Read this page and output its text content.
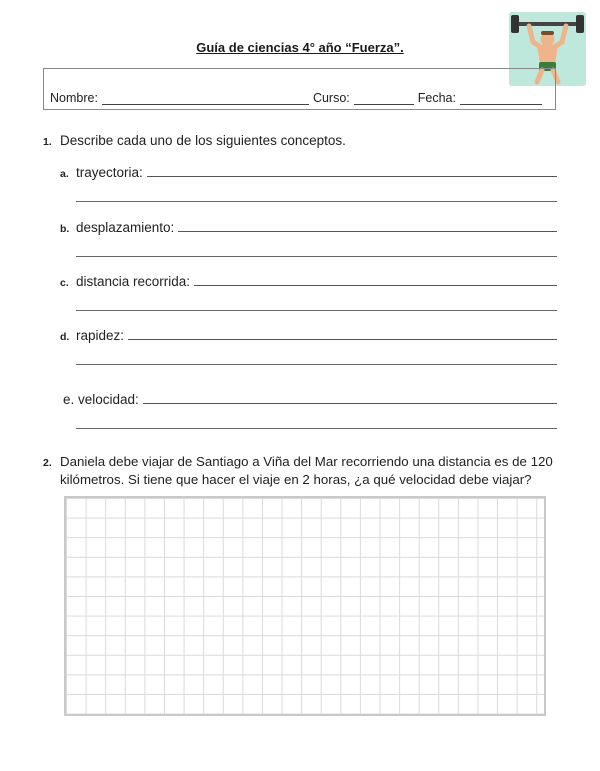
Guía de ciencias 4° año “Fuerza”.
Nombre:	Curso:	Fecha:
1. Describe cada uno de los siguientes conceptos.
a. trayectoria:
b. desplazamiento:
c. distancia recorrida:
d. rapidez:
e. velocidad:
2. Daniela debe viajar de Santiago a Viña del Mar recorriendo una distancia es de 120
kilómetros. Si tiene que hacer el viaje en 2 horas, ¿a qué velocidad debe viajar?
